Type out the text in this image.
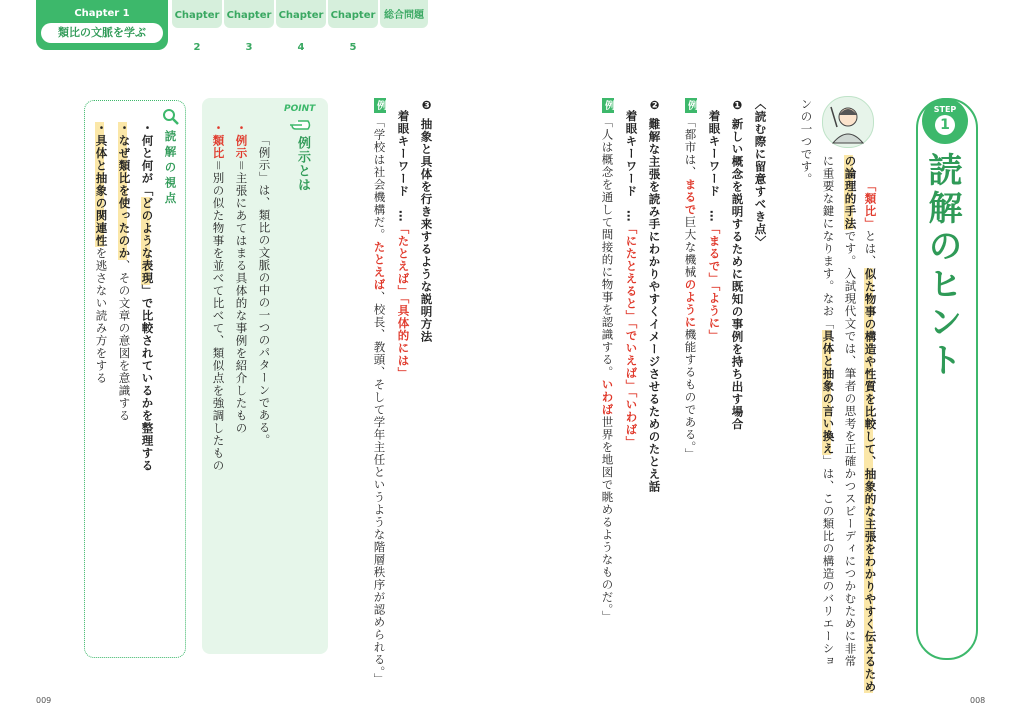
Chapter 1
類比の文脈を学ぶ
Chapter 2
Chapter 3
Chapter 4
Chapter 5
総合問題
STEP
1
読解のヒント
「類比」とは、似た物事の構造や性質を比較して、抽象的な主張をわかりやすく伝えるため
の論理的手法です。入試現代文では、筆者の思考を正確かつスピーディにつかむために非常
に重要な鍵になります。なお「具体と抽象の言い換え」は、この類比の構造のバリエーショ
ンの一つです。
〈読む際に留意すべき点〉
❶ 新しい概念を説明するために既知の事例を持ち出す場合
着眼キーワード　…「まるで」「ように」
例「都市は、まるで巨大な機械のように機能するものである。」
❷ 難解な主張を読み手にわかりやすくイメージさせるためのたとえ話
着眼キーワード　…「にたとえると」「でいえば」「いわば」
例「人は概念を通して間接的に物事を認識する。いわば世界を地図で眺めるようなものだ。」
❸ 抽象と具体を行き来するような説明方法
着眼キーワード　…「たとえば」「具体的には」
例「学校は社会機構だ。たとえば、校長、教頭、そして学年主任というような階層秩序が認められる。」
POINT
例示とは
「例示」は、類比の文脈の中の一つのパターンである。
・例示＝主張にあてはまる具体的な事例を紹介したもの
・類比＝別の似た物事を並べて比べて、類似点を強調したもの
読解の視点
・何と何が「どのような表現」で比較されているかを整理する
・なぜ類比を使ったのか、その文章の意図を意識する
・具体と抽象の関連性を逃さない読み方をする
009	008
